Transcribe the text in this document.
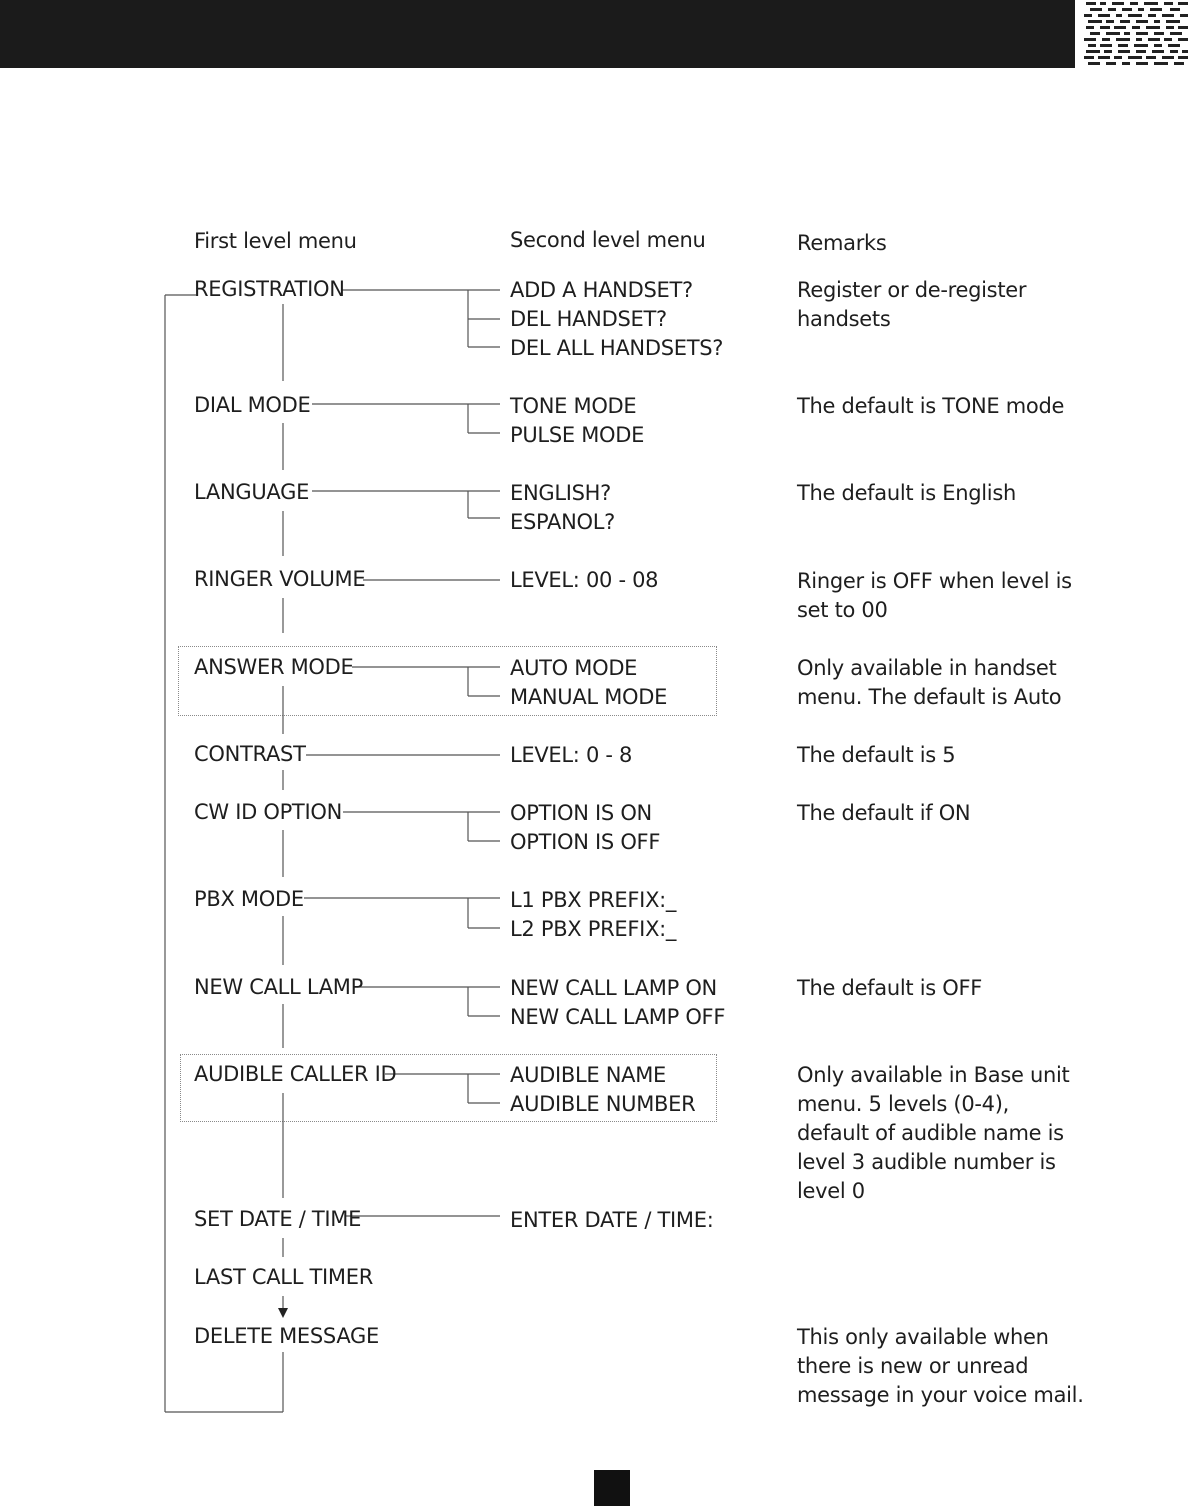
First level menu	Second level menu	Remarks
REGISTRATION
DIAL MODE
LANGUAGE
RINGER VOLUME
ANSWER MODE
CONTRAST
CW ID OPTION
PBX MODE
NEW CALL LAMP
AUDIBLE CALLER ID
SET DATE / TIME
LAST CALL TIMER
DELETE MESSAGE
ADD A HANDSET?
DEL HANDSET?
DEL ALL HANDSETS?
TONE MODE
PULSE MODE
ENGLISH?
ESPANOL?
LEVEL: 00 - 08
AUTO MODE
MANUAL MODE
LEVEL: 0 - 8
OPTION IS ON
OPTION IS OFF
L1 PBX PREFIX:_
L2 PBX PREFIX:_
NEW CALL LAMP ON
NEW CALL LAMP OFF
AUDIBLE NAME
AUDIBLE NUMBER
ENTER DATE / TIME:
Register or de-register
handsets
The default is TONE mode
The default is English
Ringer is OFF when level is
set to 00
Only available in handset
menu. The default is Auto
The default is 5
The default if ON
The default is OFF
Only available in Base unit
menu. 5 levels (0-4),
default of audible name is
level 3 audible number is
level 0
This only available when
there is new or unread
message in your voice mail.
